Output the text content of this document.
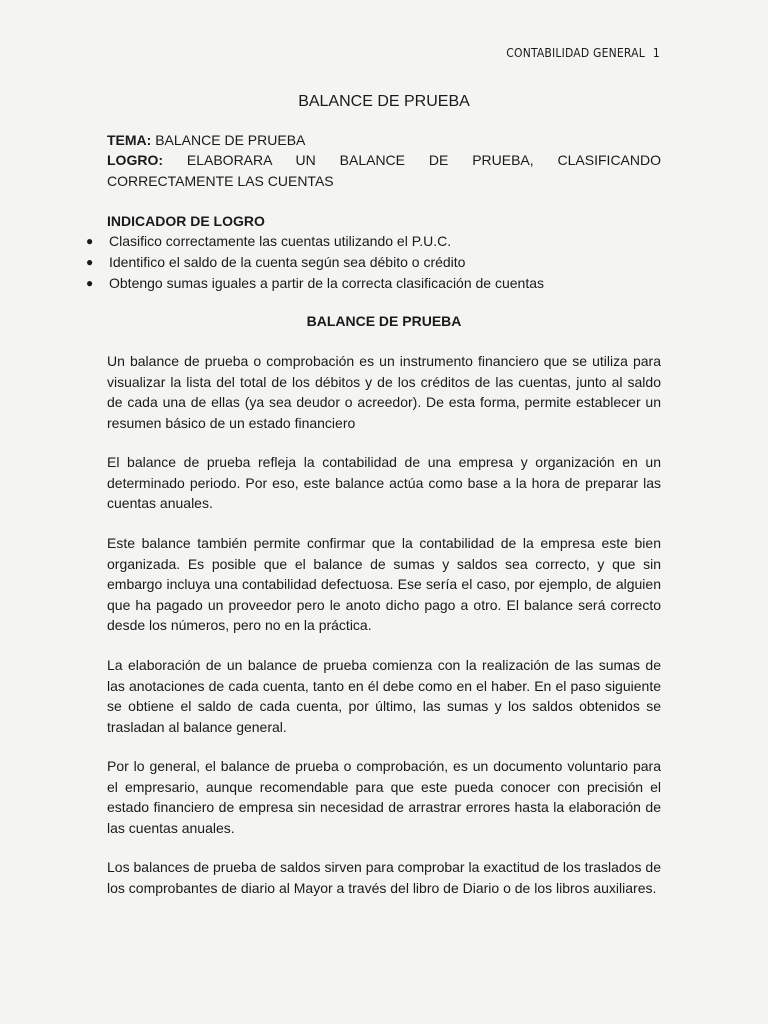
CONTABILIDAD GENERAL 1
BALANCE DE PRUEBA
TEMA: BALANCE DE PRUEBA
LOGRO: ELABORARA UN BALANCE DE PRUEBA, CLASIFICANDO
CORRECTAMENTE LAS CUENTAS
INDICADOR DE LOGRO
● Clasifico correctamente las cuentas utilizando el P.U.C.
● Identifico el saldo de la cuenta según sea débito o crédito
● Obtengo sumas iguales a partir de la correcta clasificación de cuentas
BALANCE DE PRUEBA

Un balance de prueba o comprobación es un instrumento financiero que se utiliza para visualizar la lista del total de los débitos y de los créditos de las cuentas, junto al saldo de cada una de ellas (ya sea deudor o acreedor). De esta forma, permite establecer un resumen básico de un estado financiero

El balance de prueba refleja la contabilidad de una empresa y organización en un determinado periodo. Por eso, este balance actúa como base a la hora de preparar las cuentas anuales.

Este balance también permite confirmar que la contabilidad de la empresa este bien organizada. Es posible que el balance de sumas y saldos sea correcto, y que sin embargo incluya una contabilidad defectuosa. Ese sería el caso, por ejemplo, de alguien que ha pagado un proveedor pero le anoto dicho pago a otro. El balance será correcto desde los números, pero no en la práctica.

La elaboración de un balance de prueba comienza con la realización de las sumas de las anotaciones de cada cuenta, tanto en él debe como en el haber. En el paso siguiente se obtiene el saldo de cada cuenta, por último, las sumas y los saldos obtenidos se trasladan al balance general.

Por lo general, el balance de prueba o comprobación, es un documento voluntario para el empresario, aunque recomendable para que este pueda conocer con precisión el estado financiero de empresa sin necesidad de arrastrar errores hasta la elaboración de las cuentas anuales.

Los balances de prueba de saldos sirven para comprobar la exactitud de los traslados de los comprobantes de diario al Mayor a través del libro de Diario o de los libros auxiliares.
